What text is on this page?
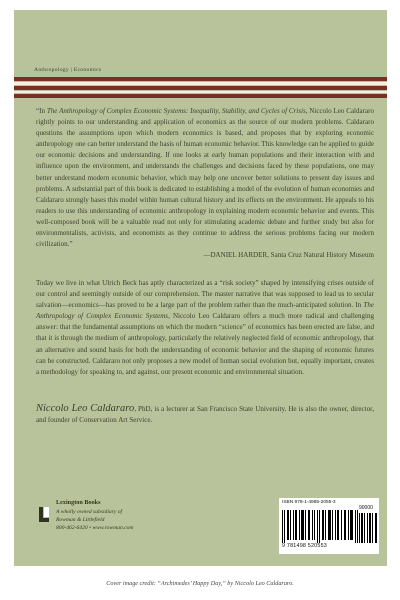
Anthropology | Economics
“In The Anthropology of Complex Economic Systems: Inequality, Stability, and Cycles of Crisis, Niccolo Leo Caldararo rightly points to our understanding and application of economics as the source of our modern problems. Caldararo questions the assumptions upon which modern economics is based, and proposes that by exploring economic anthropology one can better understand the basis of human economic behavior. This knowledge can be applied to guide our economic decisions and understanding. If one looks at early human populations and their interaction with and influence upon the environment, and understands the challenges and decisions faced by these populations, one may better understand modern economic behavior, which may help one uncover better solutions to present day issues and problems. A substantial part of this book is dedicated to establishing a model of the evolution of human economies and Caldararo strongly bases this model within human cultural history and its effects on the environment. He appeals to his readers to use this understanding of economic anthropology in explaining modern economic behavior and events. This well-composed book will be a valuable read not only for stimulating academic debate and further study but also for environmentalists, activists, and economists as they continue to address the serious problems facing our modern civilization.”
—DANIEL HARDER, Santa Cruz Natural History Museum
Today we live in what Ulrich Beck has aptly characterized as a “risk society” shaped by intensifying crises outside of our control and seemingly outside of our comprehension. The master narrative that was supposed to lead us to secular salvation—economics—has proved to be a large part of the problem rather than the much-anticipated solution. In The Anthropology of Complex Economic Systems, Niccolo Leo Caldararo offers a much more radical and challenging answer: that the fundamental assumptions on which the modern “science” of economics has been erected are false, and that it is through the medium of anthropology, particularly the relatively neglected field of economic anthropology, that an alternative and sound basis for both the understanding of economic behavior and the shaping of economic futures can be constructed. Caldararo not only proposes a new model of human social evolution but, equally important, creates a methodology for speaking to, and against, our present economic and environmental situation.
Niccolo Leo Caldararo, PhD, is a lecturer at San Francisco State University. He is also the owner, director, and founder of Conservation Art Service.
Lexington Books
A wholly owned subsidiary of
Rowman & Littlefield
800-462-6420 • www.rowman.com
ISBN 978-1-4985-2055-3
90000
9 781498 520553
Cover image credit: “Archimedes’ Happy Day,” by Niccolo Leo Caldararo.
